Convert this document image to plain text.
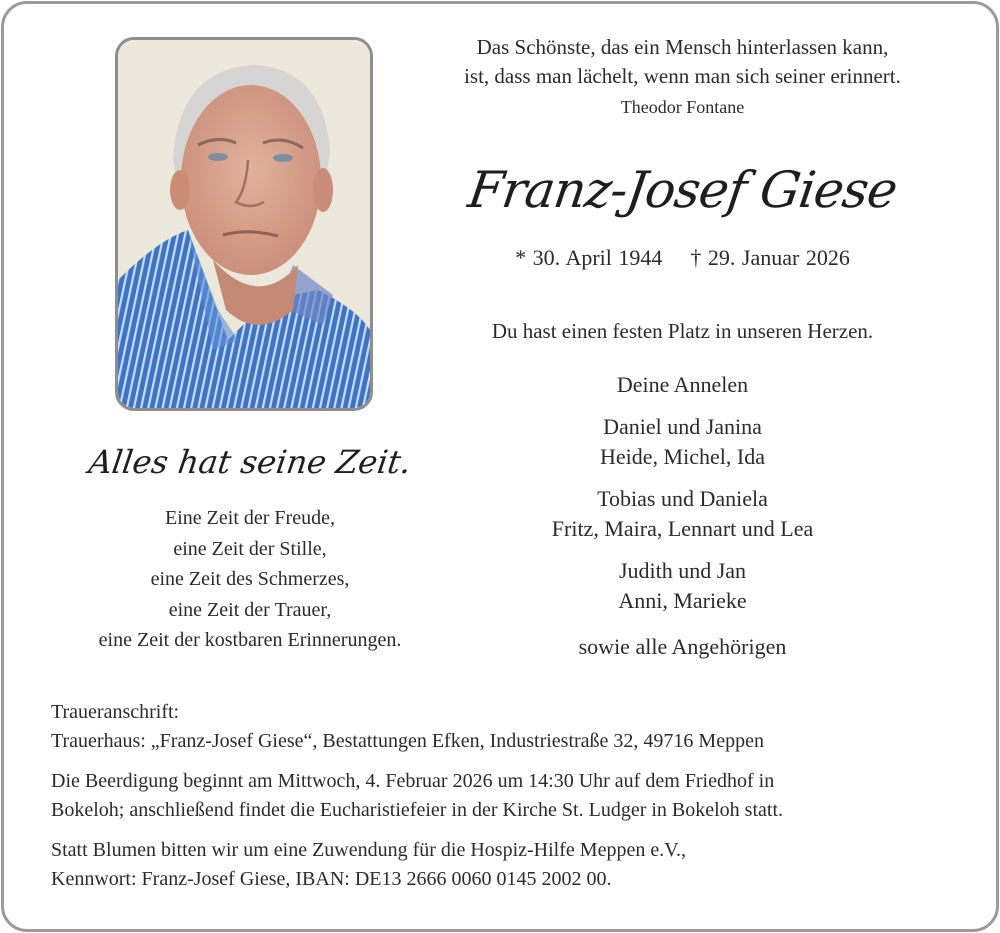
Das Schönste, das ein Mensch hinterlassen kann,
ist, dass man lächelt, wenn man sich seiner erinnert.
Theodor Fontane
Franz-Josef Giese
* 30. April 1944 † 29. Januar 2026
Du hast einen festen Platz in unseren Herzen.
Deine Annelen
Daniel und Janina
Heide, Michel, Ida
Tobias und Daniela
Fritz, Maira, Lennart und Lea
Judith und Jan
Anni, Marieke
sowie alle Angehörigen
Alles hat seine Zeit.
Eine Zeit der Freude,
eine Zeit der Stille,
eine Zeit des Schmerzes,
eine Zeit der Trauer,
eine Zeit der kostbaren Erinnerungen.

Traueranschrift:
Trauerhaus: „Franz-Josef Giese“, Bestattungen Efken, Industriestraße 32, 49716 Meppen

Die Beerdigung beginnt am Mittwoch, 4. Februar 2026 um 14:30 Uhr auf dem Friedhof in
Bokeloh; anschließend findet die Eucharistiefeier in der Kirche St. Ludger in Bokeloh statt.

Statt Blumen bitten wir um eine Zuwendung für die Hospiz-Hilfe Meppen e.V.,
Kennwort: Franz-Josef Giese, IBAN: DE13 2666 0060 0145 2002 00.
